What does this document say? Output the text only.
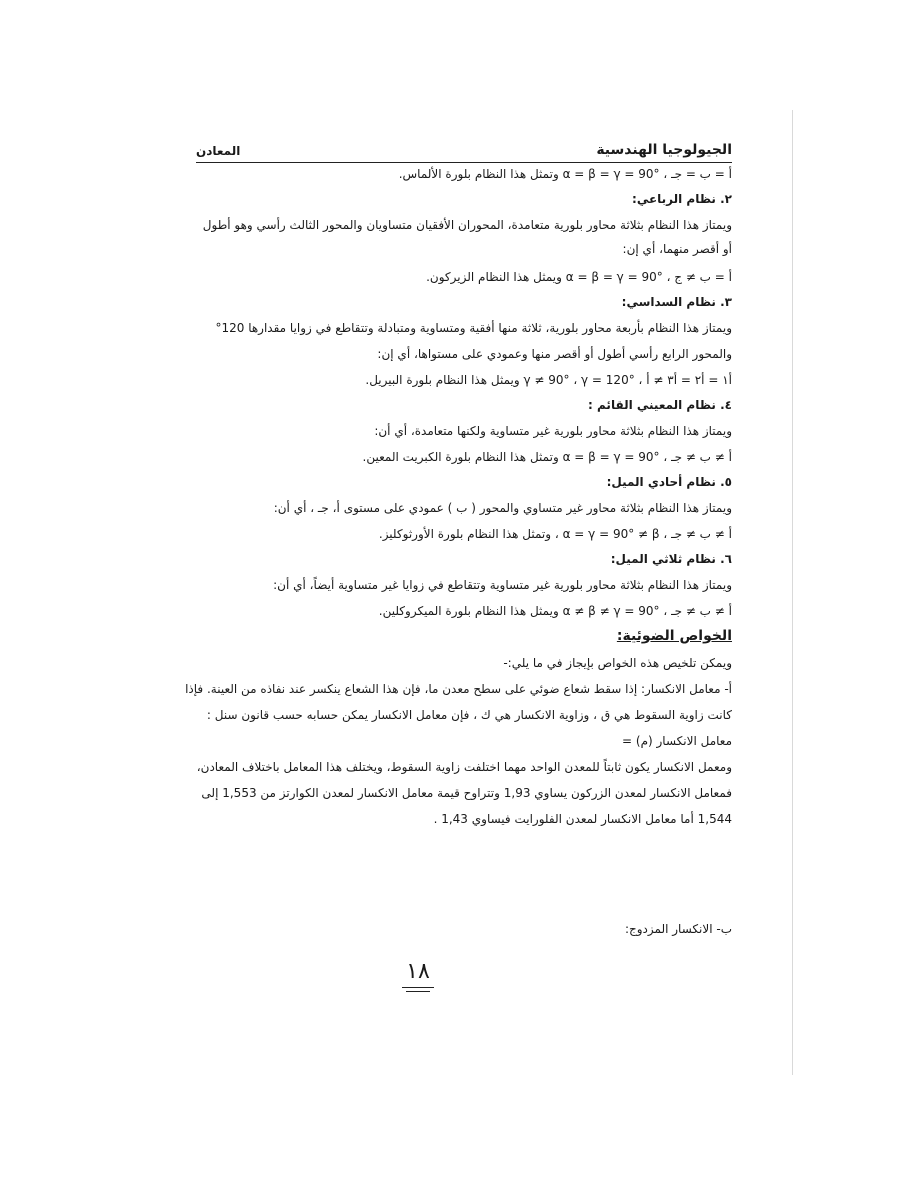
الجيولوجيا الهندسية
المعادن

أ = ب = جـ ، α = β = γ = 90° وتمثل هذا النظام بلورة الألماس.

٢. نظام الرباعي:

ويمتاز هذا النظام بثلاثة محاور بلورية متعامدة، المحوران الأفقيان متساويان والمحور الثالث رأسي وهو أطول

أو أقصر منهما، أي إن:

أ = ب ≠ ج ، α = β = γ = 90° ويمثل هذا النظام الزيركون.

٣. نظام السداسي:

ويمتاز هذا النظام بأربعة محاور بلورية، ثلاثة منها أفقية ومتساوية ومتبادلة وتتقاطع في زوايا مقدارها 120°

والمحور الرابع رأسي أطول أو أقصر منها وعمودي على مستواها، أي إن:

أ١ = أ٢ = أ٣ ≠ أ ، γ ≠ 90° ، γ = 120° ويمثل هذا النظام بلورة البيريل.

٤. نظام المعيني القائم :

ويمتاز هذا النظام بثلاثة محاور بلورية غير متساوية ولكنها متعامدة، أي أن:

أ ≠ ب ≠ جـ ، α = β = γ = 90° وتمثل هذا النظام بلورة الكبريت المعين.

٥. نظام أحادي الميل:

ويمتاز هذا النظام بثلاثة محاور غير متساوي والمحور ( ب ) عمودي على مستوى أ، جـ ، أي أن:

أ ≠ ب ≠ جـ ، α = γ = 90° ≠ β ، وتمثل هذا النظام بلورة الأورثوكليز.

٦. نظام ثلاثي الميل:

ويمتاز هذا النظام بثلاثة محاور بلورية غير متساوية وتتقاطع في زوايا غير متساوية أيضاً، أي أن:

أ ≠ ب ≠ جـ ، α ≠ β ≠ γ = 90° ويمثل هذا النظام بلورة الميكروكلين.

الخواص الضوئية:

ويمكن تلخيص هذه الخواص بإيجاز في ما يلي:-

أ- معامل الانكسار: إذا سقط شعاع ضوئي على سطح معدن ما، فإن هذا الشعاع ينكسر عند نفاذه من العينة. فإذا

كانت زاوية السقوط هي ق ، وزاوية الانكسار هي ك ، فإن معامل الانكسار يمكن حسابه حسب قانون سنل :

معامل الانكسار (م) =

ومعمل الانكسار يكون ثابتاً للمعدن الواحد مهما اختلفت زاوية السقوط، ويختلف هذا المعامل باختلاف المعادن،

فمعامل الانكسار لمعدن الزركون يساوي 1,93 وتتراوح قيمة معامل الانكسار لمعدن الكوارتز من 1,553 إلى

1,544 أما معامل الانكسار لمعدن الفلورايت فيساوي 1,43 .

ب- الانكسار المزدوج:

١٨
